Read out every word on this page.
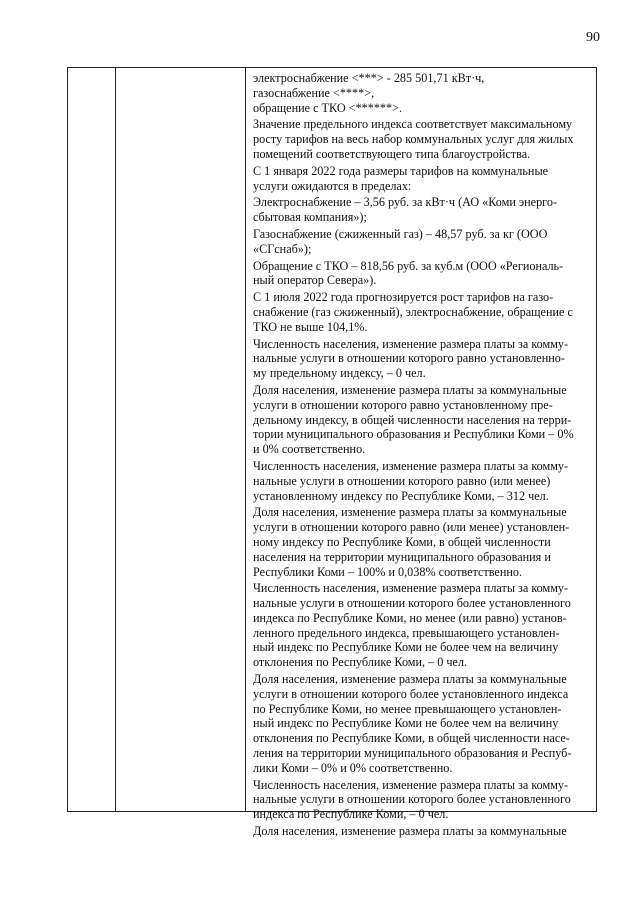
90
электроснабжение <***> - 285 501,71 кВт·ч,
газоснабжение <****>,
обращение с ТКО <******>.
Значение предельного индекса соответствует максимальному
росту тарифов на весь набор коммунальных услуг для жилых
помещений соответствующего типа благоустройства.
С 1 января 2022 года размеры тарифов на коммунальные
услуги ожидаются в пределах:
Электроснабжение – 3,56 руб. за кВт·ч (АО «Коми энерго-
сбытовая компания»);
Газоснабжение (сжиженный газ) – 48,57 руб. за кг (ООО
«СГснаб»);
Обращение с ТКО – 818,56 руб. за куб.м (ООО «Региональ-
ный оператор Севера»).
С 1 июля 2022 года прогнозируется рост тарифов на газо-
снабжение (газ сжиженный), электроснабжение, обращение с
ТКО не выше 104,1%.
Численность населения, изменение размера платы за комму-
нальные услуги в отношении которого равно установленно-
му предельному индексу, – 0 чел.
Доля населения, изменение размера платы за коммунальные
услуги в отношении которого равно установленному пре-
дельному индексу, в общей численности населения на терри-
тории муниципального образования и Республики Коми – 0%
и 0% соответственно.
Численность населения, изменение размера платы за комму-
нальные услуги в отношении которого равно (или менее)
установленному индексу по Республике Коми, – 312 чел.
Доля населения, изменение размера платы за коммунальные
услуги в отношении которого равно (или менее) установлен-
ному индексу по Республике Коми, в общей численности
населения на территории муниципального образования и
Республики Коми – 100% и 0,038% соответственно.
Численность населения, изменение размера платы за комму-
нальные услуги в отношении которого более установленного
индекса по Республике Коми, но менее (или равно) установ-
ленного предельного индекса, превышающего установлен-
ный индекс по Республике Коми не более чем на величину
отклонения по Республике Коми, – 0 чел.
Доля населения, изменение размера платы за коммунальные
услуги в отношении которого более установленного индекса
по Республике Коми, но менее превышающего установлен-
ный индекс по Республике Коми не более чем на величину
отклонения по Республике Коми, в общей численности насе-
ления на территории муниципального образования и Респуб-
лики Коми – 0% и 0% соответственно.
Численность населения, изменение размера платы за комму-
нальные услуги в отношении которого более установленного
индекса по Республике Коми, – 0 чел.
Доля населения, изменение размера платы за коммунальные
